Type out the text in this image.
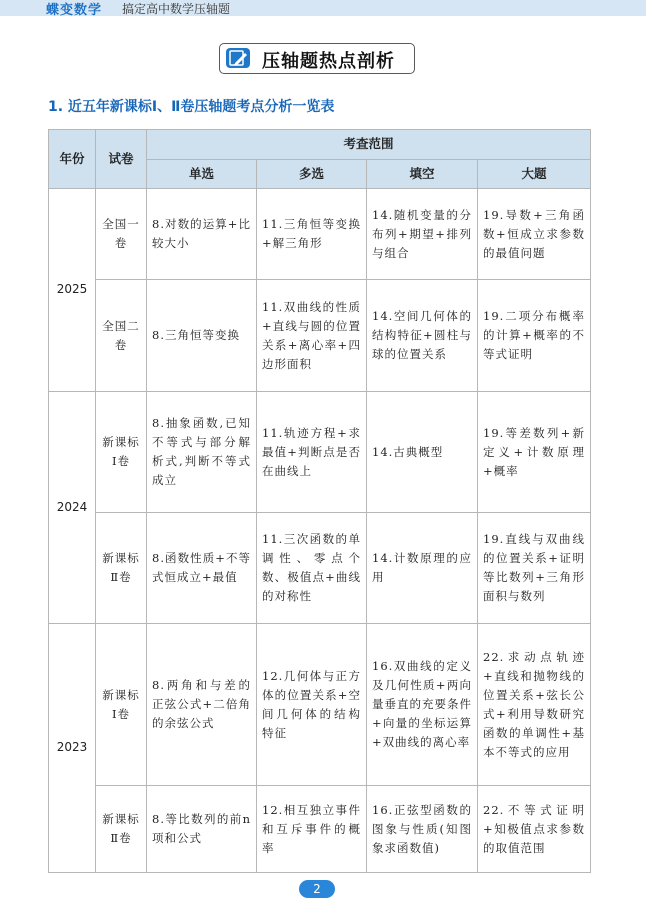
蝶变数学 搞定高中数学压轴题
压轴题热点剖析
1. 近五年新课标Ⅰ、Ⅱ卷压轴题考点分析一览表
年份	试卷	考查范围			
		单选	多选	填空	大题
2025	全国一卷	8.对数的运算+比较大小	11.三角恒等变换+解三角形	14.随机变量的分布列+期望+排列与组合	19.导数+三角函数+恒成立求参数的最值问题
	全国二卷	8.三角恒等变换	11.双曲线的性质+直线与圆的位置关系+离心率+四边形面积	14.空间几何体的结构特征+圆柱与球的位置关系	19.二项分布概率的计算+概率的不等式证明
2024	新课标Ⅰ卷	8.抽象函数,已知不等式与部分解析式,判断不等式成立	11.轨迹方程+求最值+判断点是否在曲线上	14.古典概型	19.等差数列+新定义+计数原理+概率
	新课标Ⅱ卷	8.函数性质+不等式恒成立+最值	11.三次函数的单调性、零点个数、极值点+曲线的对称性	14.计数原理的应用	19.直线与双曲线的位置关系+证明等比数列+三角形面积与数列
2023	新课标Ⅰ卷	8.两角和与差的正弦公式+二倍角的余弦公式	12.几何体与正方体的位置关系+空间几何体的结构特征	16.双曲线的定义及几何性质+两向量垂直的充要条件+向量的坐标运算+双曲线的离心率	22.求动点轨迹+直线和抛物线的位置关系+弦长公式+利用导数研究函数的单调性+基本不等式的应用
	新课标Ⅱ卷	8.等比数列的前n项和公式	12.相互独立事件和互斥事件的概率	16.正弦型函数的图象与性质(知图象求函数值)	22.不等式证明+知极值点求参数的取值范围
2
